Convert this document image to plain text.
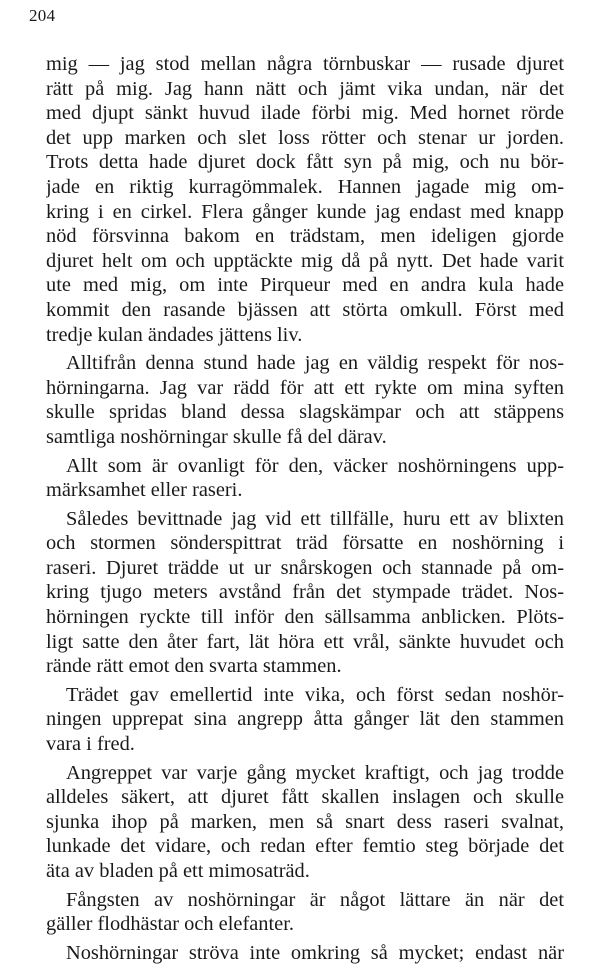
204
mig — jag stod mellan några törnbuskar — rusade djuret
rätt på mig. Jag hann nätt och jämt vika undan, när det
med djupt sänkt huvud ilade förbi mig. Med hornet rörde
det upp marken och slet loss rötter och stenar ur jorden.
Trots detta hade djuret dock fått syn på mig, och nu bör-
jade en riktig kurragömmalek. Hannen jagade mig om-
kring i en cirkel. Flera gånger kunde jag endast med knapp
nöd försvinna bakom en trädstam, men ideligen gjorde
djuret helt om och upptäckte mig då på nytt. Det hade varit
ute med mig, om inte Pirqueur med en andra kula hade
kommit den rasande bjässen att störta omkull. Först med
tredje kulan ändades jättens liv.
Alltifrån denna stund hade jag en väldig respekt för nos-
hörningarna. Jag var rädd för att ett rykte om mina syften
skulle spridas bland dessa slagskämpar och att stäppens
samtliga noshörningar skulle få del därav.
Allt som är ovanligt för den, väcker noshörningens upp-
märksamhet eller raseri.
Således bevittnade jag vid ett tillfälle, huru ett av blixten
och stormen sönderspittrat träd försatte en noshörning i
raseri. Djuret trädde ut ur snårskogen och stannade på om-
kring tjugo meters avstånd från det stympade trädet. Nos-
hörningen ryckte till inför den sällsamma anblicken. Plöts-
ligt satte den åter fart, lät höra ett vrål, sänkte huvudet och
rände rätt emot den svarta stammen.
Trädet gav emellertid inte vika, och först sedan noshör-
ningen upprepat sina angrepp åtta gånger lät den stammen
vara i fred.
Angreppet var varje gång mycket kraftigt, och jag trodde
alldeles säkert, att djuret fått skallen inslagen och skulle
sjunka ihop på marken, men så snart dess raseri svalnat,
lunkade det vidare, och redan efter femtio steg började det
äta av bladen på ett mimosaträd.
Fångsten av noshörningar är något lättare än när det
gäller flodhästar och elefanter.
Noshörningar ströva inte omkring så mycket; endast när
